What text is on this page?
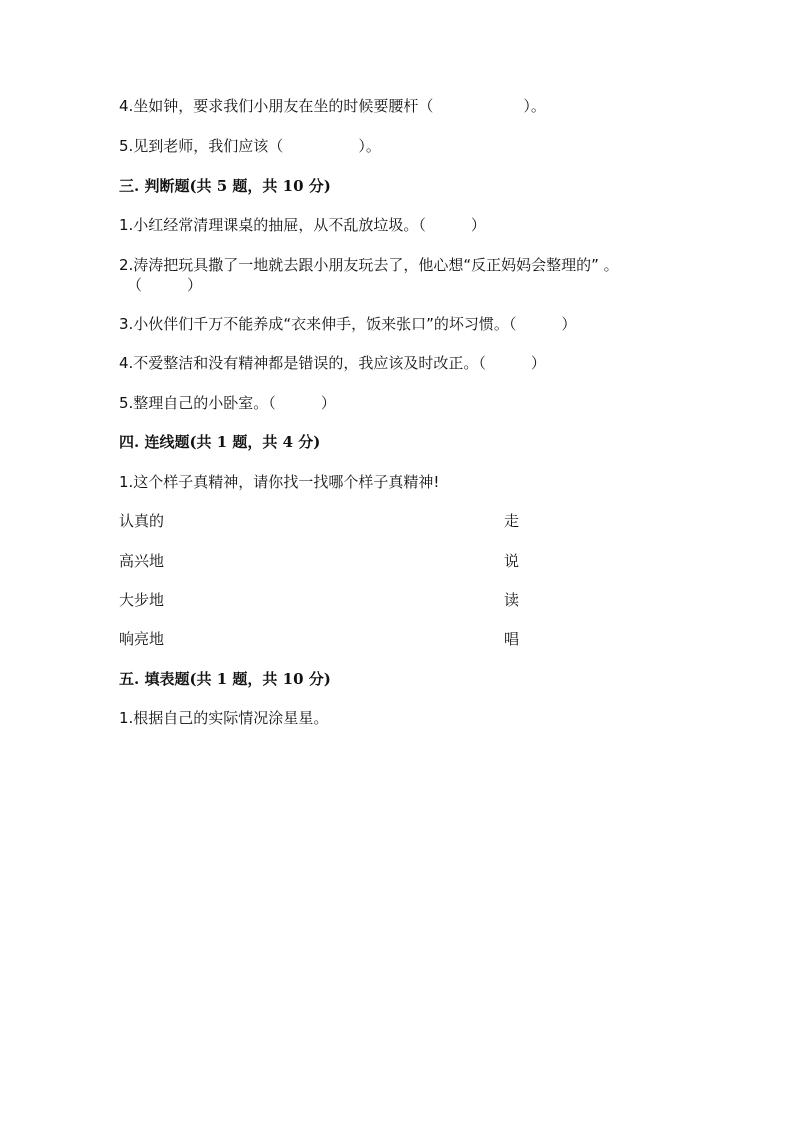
4.坐如钟，要求我们小朋友在坐的时候要腰杆（　　　　　　）。
5.见到老师，我们应该（　　　　　）。
三. 判断题(共 5 题，共 10 分)
1.小红经常清理课桌的抽屉，从不乱放垃圾。（　　　）
2.涛涛把玩具撒了一地就去跟小朋友玩去了，他心想“反正妈妈会整理的” 。
（　　　）
3.小伙伴们千万不能养成“衣来伸手，饭来张口”的坏习惯。（　　　）
4.不爱整洁和没有精神都是错误的，我应该及时改正。（　　　）
5.整理自己的小卧室。（　　　）
四. 连线题(共 1 题，共 4 分)
1.这个样子真精神，请你找一找哪个样子真精神!
认真的	走
高兴地	说
大步地	读
响亮地	唱
五. 填表题(共 1 题，共 10 分)
1.根据自己的实际情况涂星星。
